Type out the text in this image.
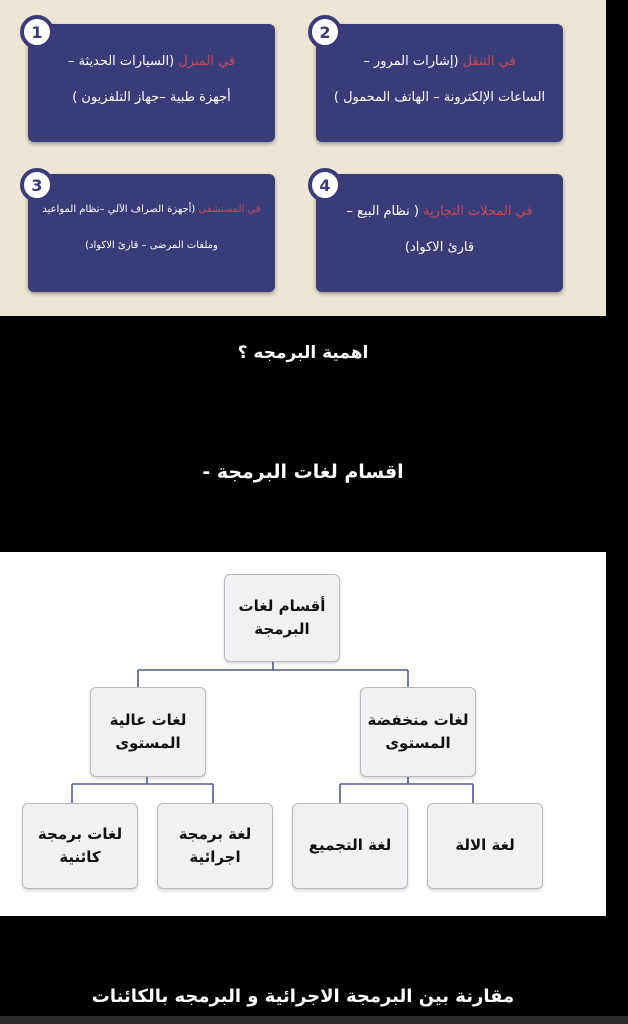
في التنقل (إشارات المرور –
الساعات الإلكترونة – الهاتف المحمول )
2
في المنزل (السيارات الحديثة –
أجهزة طبية –جهاز التلفزيون )
1
في المحلات التجارية ( نظام البيع –
قارئ الاكواد)
4
في المستشفى (أجهزة الصراف الآلي –نظام المواعيد
وملفات المرضى – قارئ الاكواد)
3
اهمية البرمجه ؟
اقسام لغات البرمجة -
أقسام لغات البرمجة
لغات عالية المستوى
لغات منخفضة المستوى
لغات برمجة كائنية
لغة برمجة اجرائية
لغة التجميع	لغة الالة
مقارنة بين البرمجة الاجرائية و البرمجه بالكائنات
